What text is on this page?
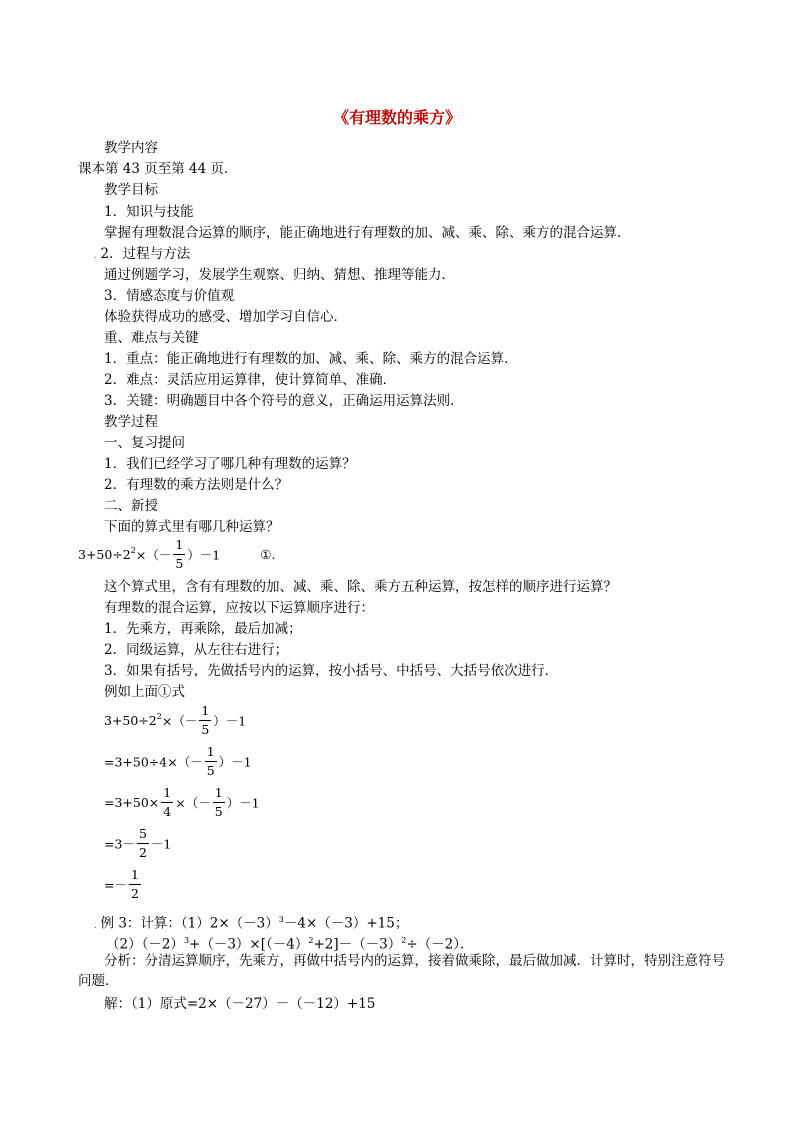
《有理数的乘方》
教学内容
课本第 43 页至第 44 页．
教学目标
1．知识与技能
掌握有理数混合运算的顺序，能正确地进行有理数的加、减、乘、除、乘方的混合运算．
. 2．过程与方法
通过例题学习，发展学生观察、归纳、猜想、推理等能力．
3．情感态度与价值观
体验获得成功的感受、增加学习自信心．
重、难点与关键
1．重点：能正确地进行有理数的加、减、乘、除、乘方的混合运算．
2．难点：灵活应用运算律，使计算简单、准确．
3．关键：明确题目中各个符号的意义，正确运用运算法则．
教学过程
一、复习提问
1．我们已经学习了哪几种有理数的运算？
2．有理数的乘方法则是什么？
二、新授
下面的算式里有哪几种运算？
$3+50\div 2^2\times(- \frac{1}{5} )-1$	①.
这个算式里，含有有理数的加、减、乘、除、乘方五种运算，按怎样的顺序进行运算？
有理数的混合运算，应按以下运算顺序进行：
1．先乘方，再乘除，最后加减；
2．同级运算，从左往右进行；
3．如果有括号，先做括号内的运算，按小括号、中括号、大括号依次进行．
例如上面①式
$3+50\div 2^2\times(- \frac{1}{5} )-1$
$=3+50\div 4\times(- \frac{1}{5} )-1$
$=3+50\times \frac{1}{4}$ ×（－ $\frac{1}{5} )-1$
$=3- \frac{5}{2} -1$
=－ $\frac{1}{2}$
. 例 3：计算：$(1)2\times(-3)^3-4\times(-3)+15$；
$(2)(-2)^3+(-3)\times[(-4)^2+2]-(-3)^2\div(-2)$．
分析：分清运算顺序，先乘方，再做中括号内的运算，接着做乘除，最后做加减．计算时，特别注意符号问题．
解：（1）原式=2×（－27）－（－12）+15
